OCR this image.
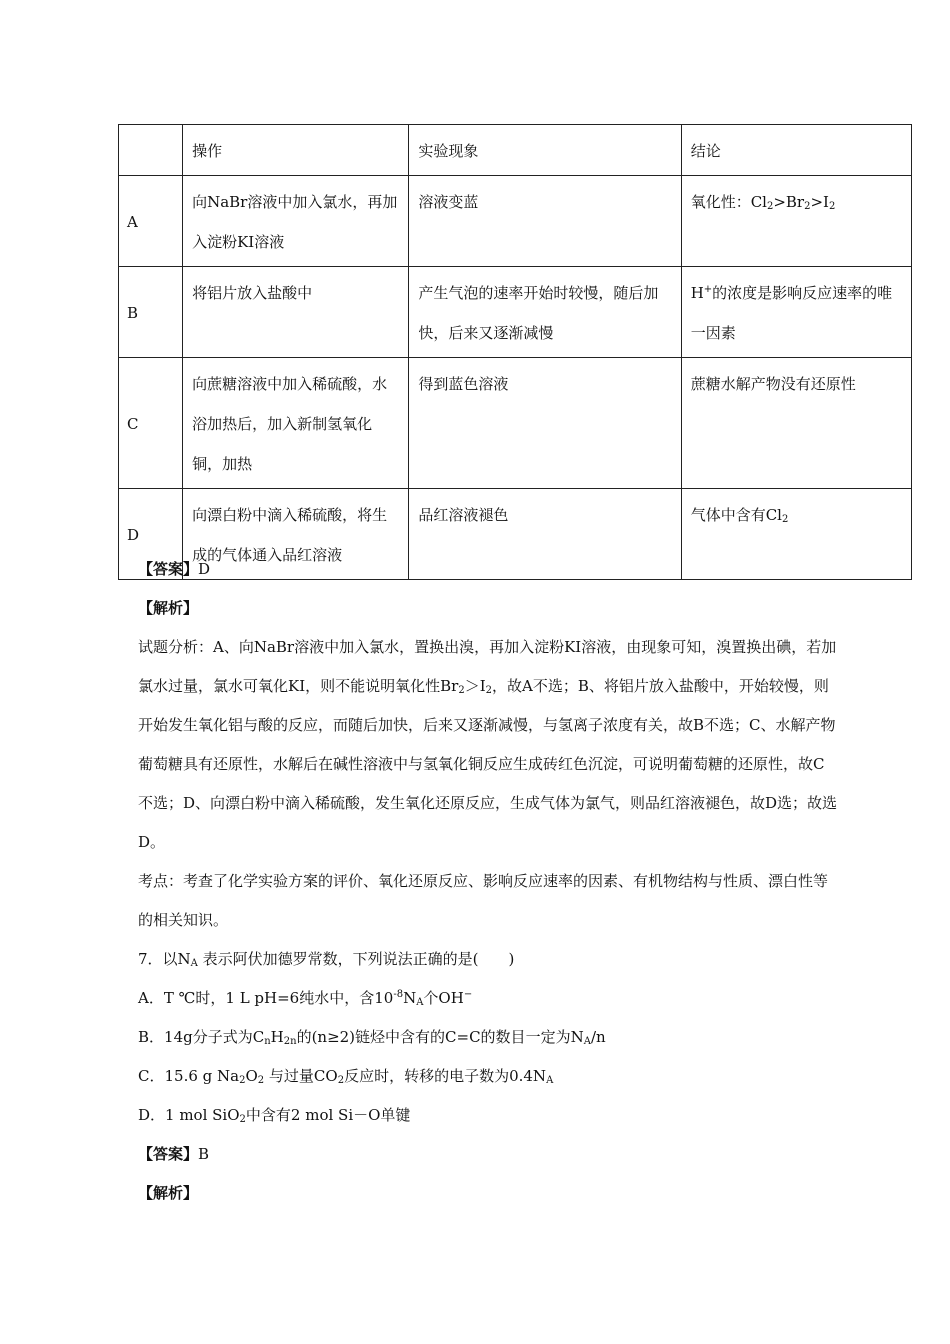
	操作	实验现象	结论
A	向NaBr溶液中加入氯水，再加入淀粉KI溶液	溶液变蓝	氧化性：$Cl_2>Br_2>I_2$
B	将铝片放入盐酸中	产生气泡的速率开始时较慢，随后加快，后来又逐渐减慢	H+的浓度是影响反应速率的唯一因素
C	向蔗糖溶液中加入稀硫酸，水浴加热后，加入新制氢氧化铜，加热	得到蓝色溶液	蔗糖水解产物没有还原性
D	向漂白粉中滴入稀硫酸，将生成的气体通入品红溶液	品红溶液褪色	气体中含有$Cl_2$
【答案】D
【解析】
试题分析：A、向NaBr溶液中加入氯水，置换出溴，再加入淀粉KI溶液，由现象可知，溴置换出碘，若加氯水过量，氯水可氧化KI，则不能说明氧化性$Br_2>I_2$，故A不选；B、将铝片放入盐酸中，开始较慢，则开始发生氧化铝与酸的反应，而随后加快，后来又逐渐减慢，与氢离子浓度有关，故B不选；C、水解产物葡萄糖具有还原性，水解后在碱性溶液中与氢氧化铜反应生成砖红色沉淀，可说明葡萄糖的还原性，故C不选；D、向漂白粉中滴入稀硫酸，发生氧化还原反应，生成气体为氯气，则品红溶液褪色，故D选；故选D。
考点：考查了化学实验方案的评价、氧化还原反应、影响反应速率的因素、有机物结构与性质、漂白性等的相关知识。
7．以$N_A$ 表示阿伏加德罗常数，下列说法正确的是(　　)
A．T ℃时，1 L pH=6纯水中，含$10^{-8}N_A$个OH−
B．14g分子式为$C_nH_{2n}$的(n≥2)链烃中含有的C=C的数目一定为$N_A/n$
C．15.6 g $Na_2O_2$ 与过量$CO_2$反应时，转移的电子数为$0.4N_A$
D．1 mol SiO$_2$中含有2 mol Si－O单键
【答案】B
【解析】
